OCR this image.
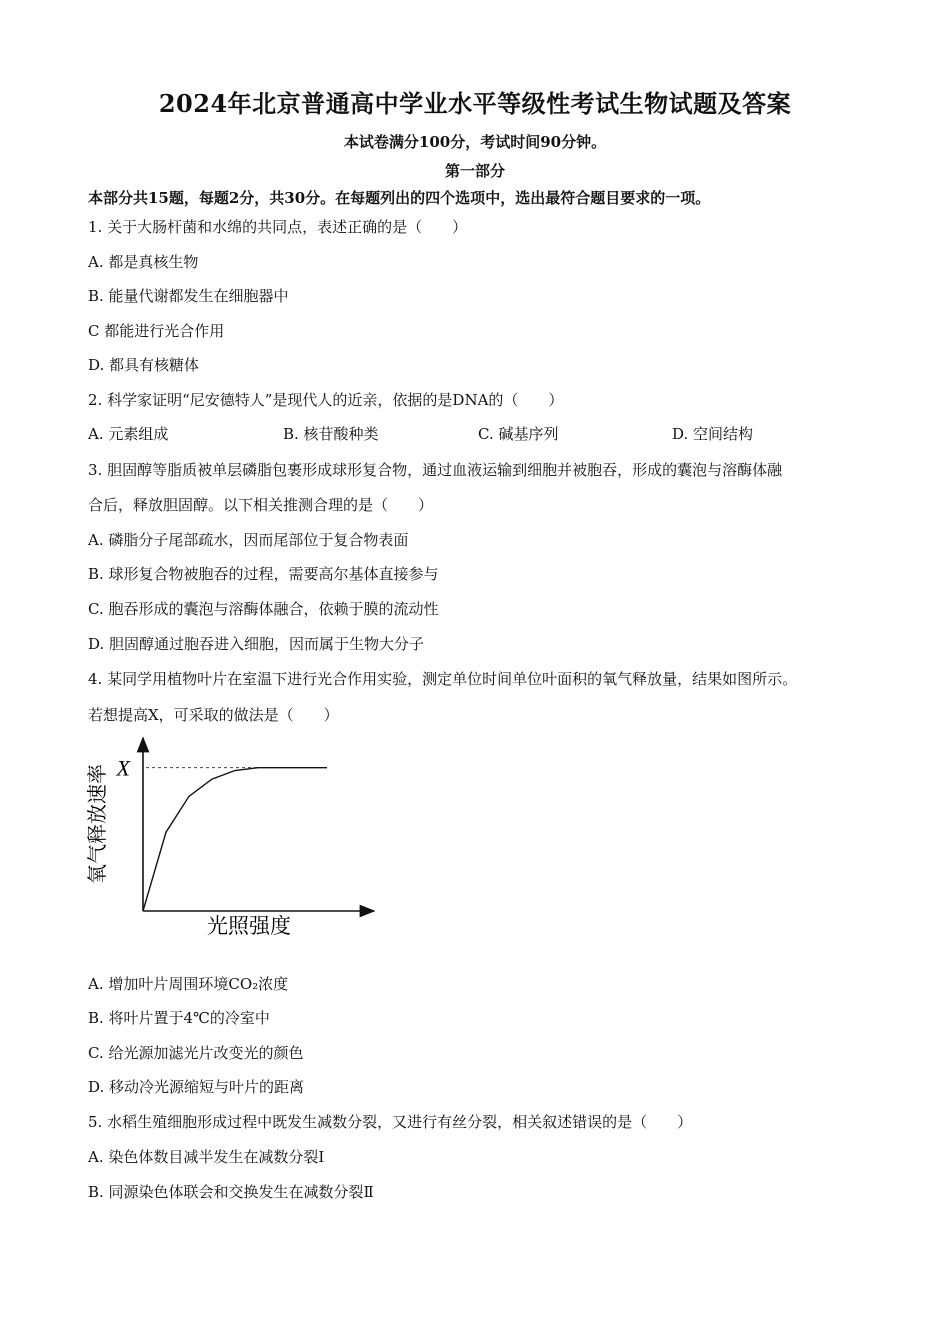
2024年北京普通高中学业水平等级性考试生物试题及答案
本试卷满分100分，考试时间90分钟。
第一部分
本部分共15题，每题2分，共30分。在每题列出的四个选项中，选出最符合题目要求的一项。
1. 关于大肠杆菌和水绵的共同点，表述正确的是（　　）
A. 都是真核生物
B. 能量代谢都发生在细胞器中
C 都能进行光合作用
D. 都具有核糖体
2. 科学家证明“尼安德特人”是现代人的近亲，依据的是DNA的（　　）
A. 元素组成	B. 核苷酸种类	C. 碱基序列	D. 空间结构
3. 胆固醇等脂质被单层磷脂包裹形成球形复合物，通过血液运输到细胞并被胞吞，形成的囊泡与溶酶体融
合后，释放胆固醇。以下相关推测合理的是（　　）
A. 磷脂分子尾部疏水，因而尾部位于复合物表面
B. 球形复合物被胞吞的过程，需要高尔基体直接参与
C. 胞吞形成的囊泡与溶酶体融合，依赖于膜的流动性
D. 胆固醇通过胞吞进入细胞，因而属于生物大分子
4. 某同学用植物叶片在室温下进行光合作用实验，测定单位时间单位叶面积的氧气释放量，结果如图所示。
若想提高X，可采取的做法是（　　）
X
光照强度
氧气释放速率
A. 增加叶片周围环境CO₂浓度
B. 将叶片置于4℃的冷室中
C. 给光源加滤光片改变光的颜色
D. 移动冷光源缩短与叶片的距离
5. 水稻生殖细胞形成过程中既发生减数分裂，又进行有丝分裂，相关叙述错误的是（　　）
A. 染色体数目减半发生在减数分裂Ⅰ
B. 同源染色体联会和交换发生在减数分裂Ⅱ
